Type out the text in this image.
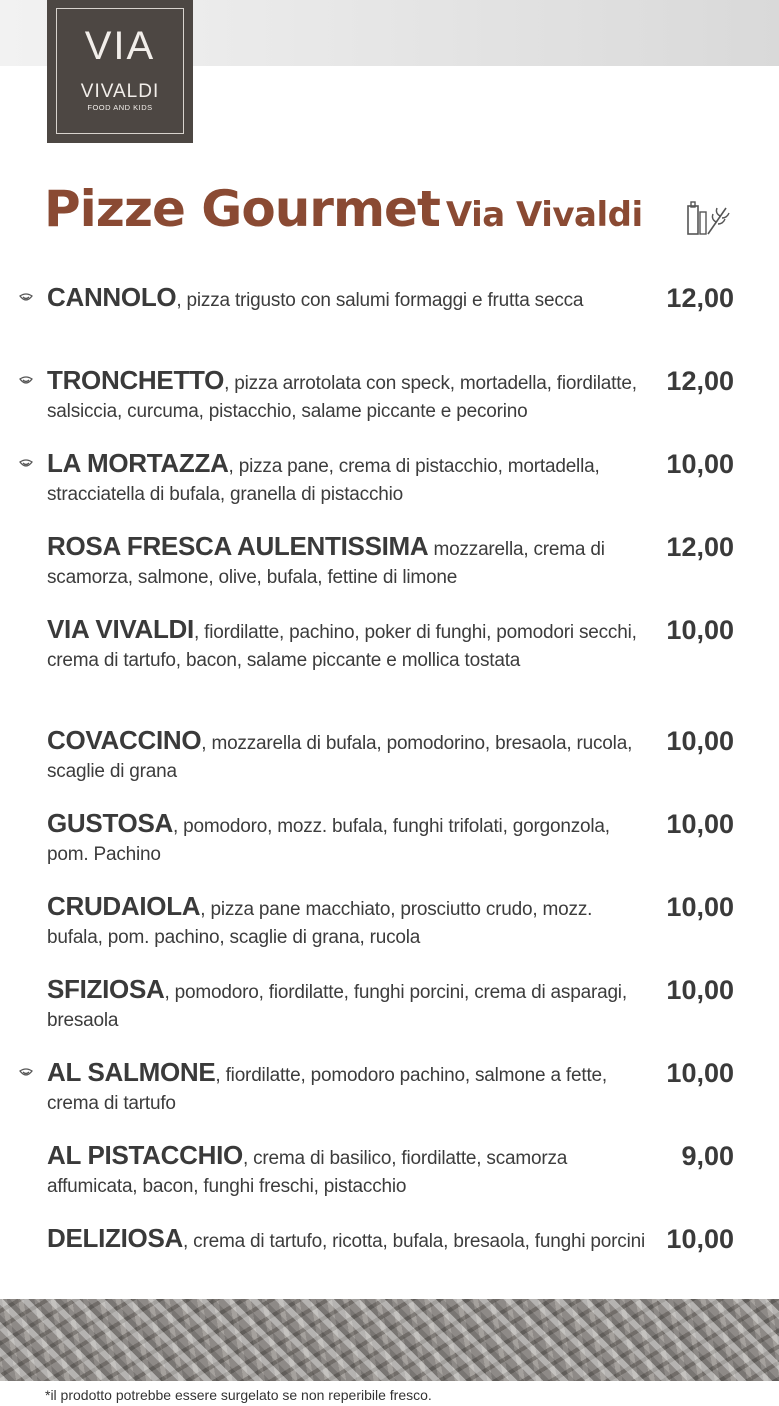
VIA
VIVALDI
FOOD AND KIDS
Pizze Gourmet Via Vivaldi
CANNOLO, pizza trigusto con salumi formaggi e frutta secca	12,00
TRONCHETTO, pizza arrotolata con speck, mortadella, fiordilatte, salsiccia, curcuma, pistacchio, salame piccante e pecorino
12,00
LA MORTAZZA, pizza pane, crema di pistacchio, mortadella, stracciatella di bufala, granella di pistacchio
10,00
ROSA FRESCA AULENTISSIMA mozzarella, crema di scamorza, salmone, olive, bufala, fettine di limone
12,00
VIA VIVALDI, fiordilatte, pachino, poker di funghi, pomodori secchi, crema di tartufo, bacon, salame piccante e mollica tostata
10,00
COVACCINO, mozzarella di bufala, pomodorino, bresaola, rucola, scaglie di grana
10,00
GUSTOSA, pomodoro, mozz. bufala, funghi trifolati, gorgonzola, pom. Pachino
10,00
CRUDAIOLA, pizza pane macchiato, prosciutto crudo, mozz. bufala, pom. pachino, scaglie di grana, rucola
10,00
SFIZIOSA, pomodoro, fiordilatte, funghi porcini, crema di asparagi, bresaola
10,00
AL SALMONE, fiordilatte, pomodoro pachino, salmone a fette, crema di tartufo
10,00
AL PISTACCHIO, crema di basilico, fiordilatte, scamorza affumicata, bacon, funghi freschi, pistacchio
9,00
DELIZIOSA, crema di tartufo, ricotta, bufala, bresaola, funghi porcini 10,00
*il prodotto potrebbe essere surgelato se non reperibile fresco.
